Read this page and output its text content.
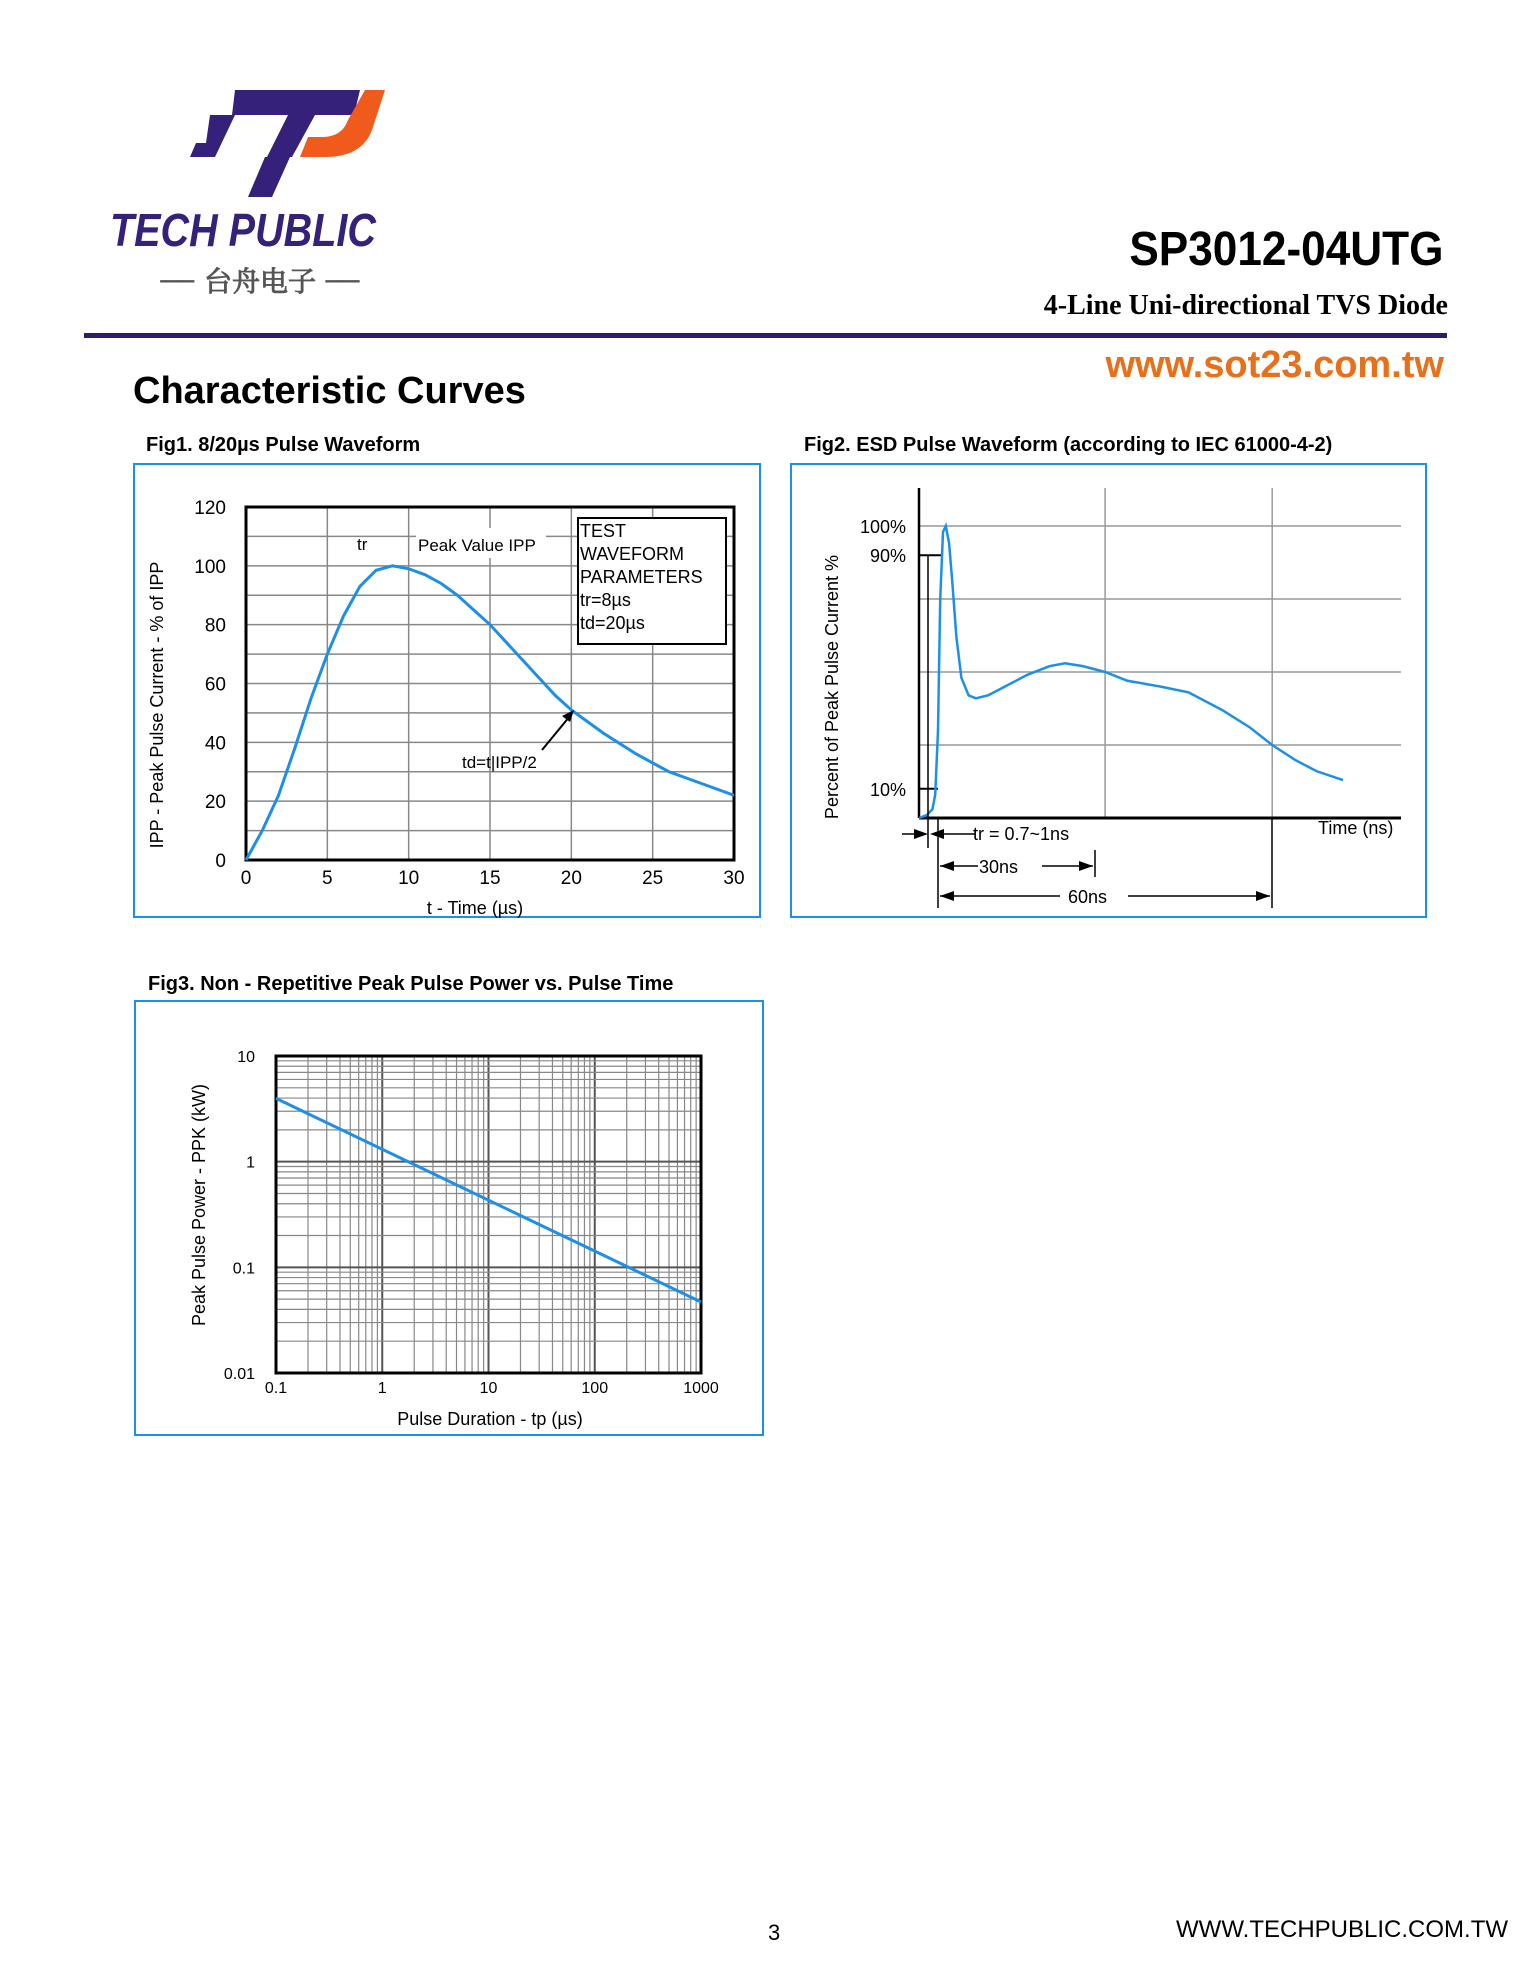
TECH PUBLIC
── 台舟电子 ──
SP3012-04UTG
4-Line Uni-directional TVS Diode
www.sot23.com.tw
Characteristic Curves
Fig1. 8/20µs Pulse Waveform	Fig2. ESD Pulse Waveform (according to IEC 61000-4-2)
Fig3. Non - Repetitive Peak Pulse Power vs. Pulse Time
0	5	10	15	20	25	30
0
20
40
60
80
100
120
t - Time (µs)
IPP - Peak Pulse Current - % of IPP
tr	Peak Value IPP
TEST
WAVEFORM
PARAMETERS
tr=8µs
td=20µs
td=t|IPP/2
100%
90%
10%
Percent of Peak Pulse Current %
Time (ns)
tr = 0.7~1ns
30ns
60ns
0.1	1	10	100	1000
0.01
0.1
1
10
Pulse Duration - tp (µs)
Peak Pulse Power - PPK (kW)
3	WWW.TECHPUBLIC.COM.TW
